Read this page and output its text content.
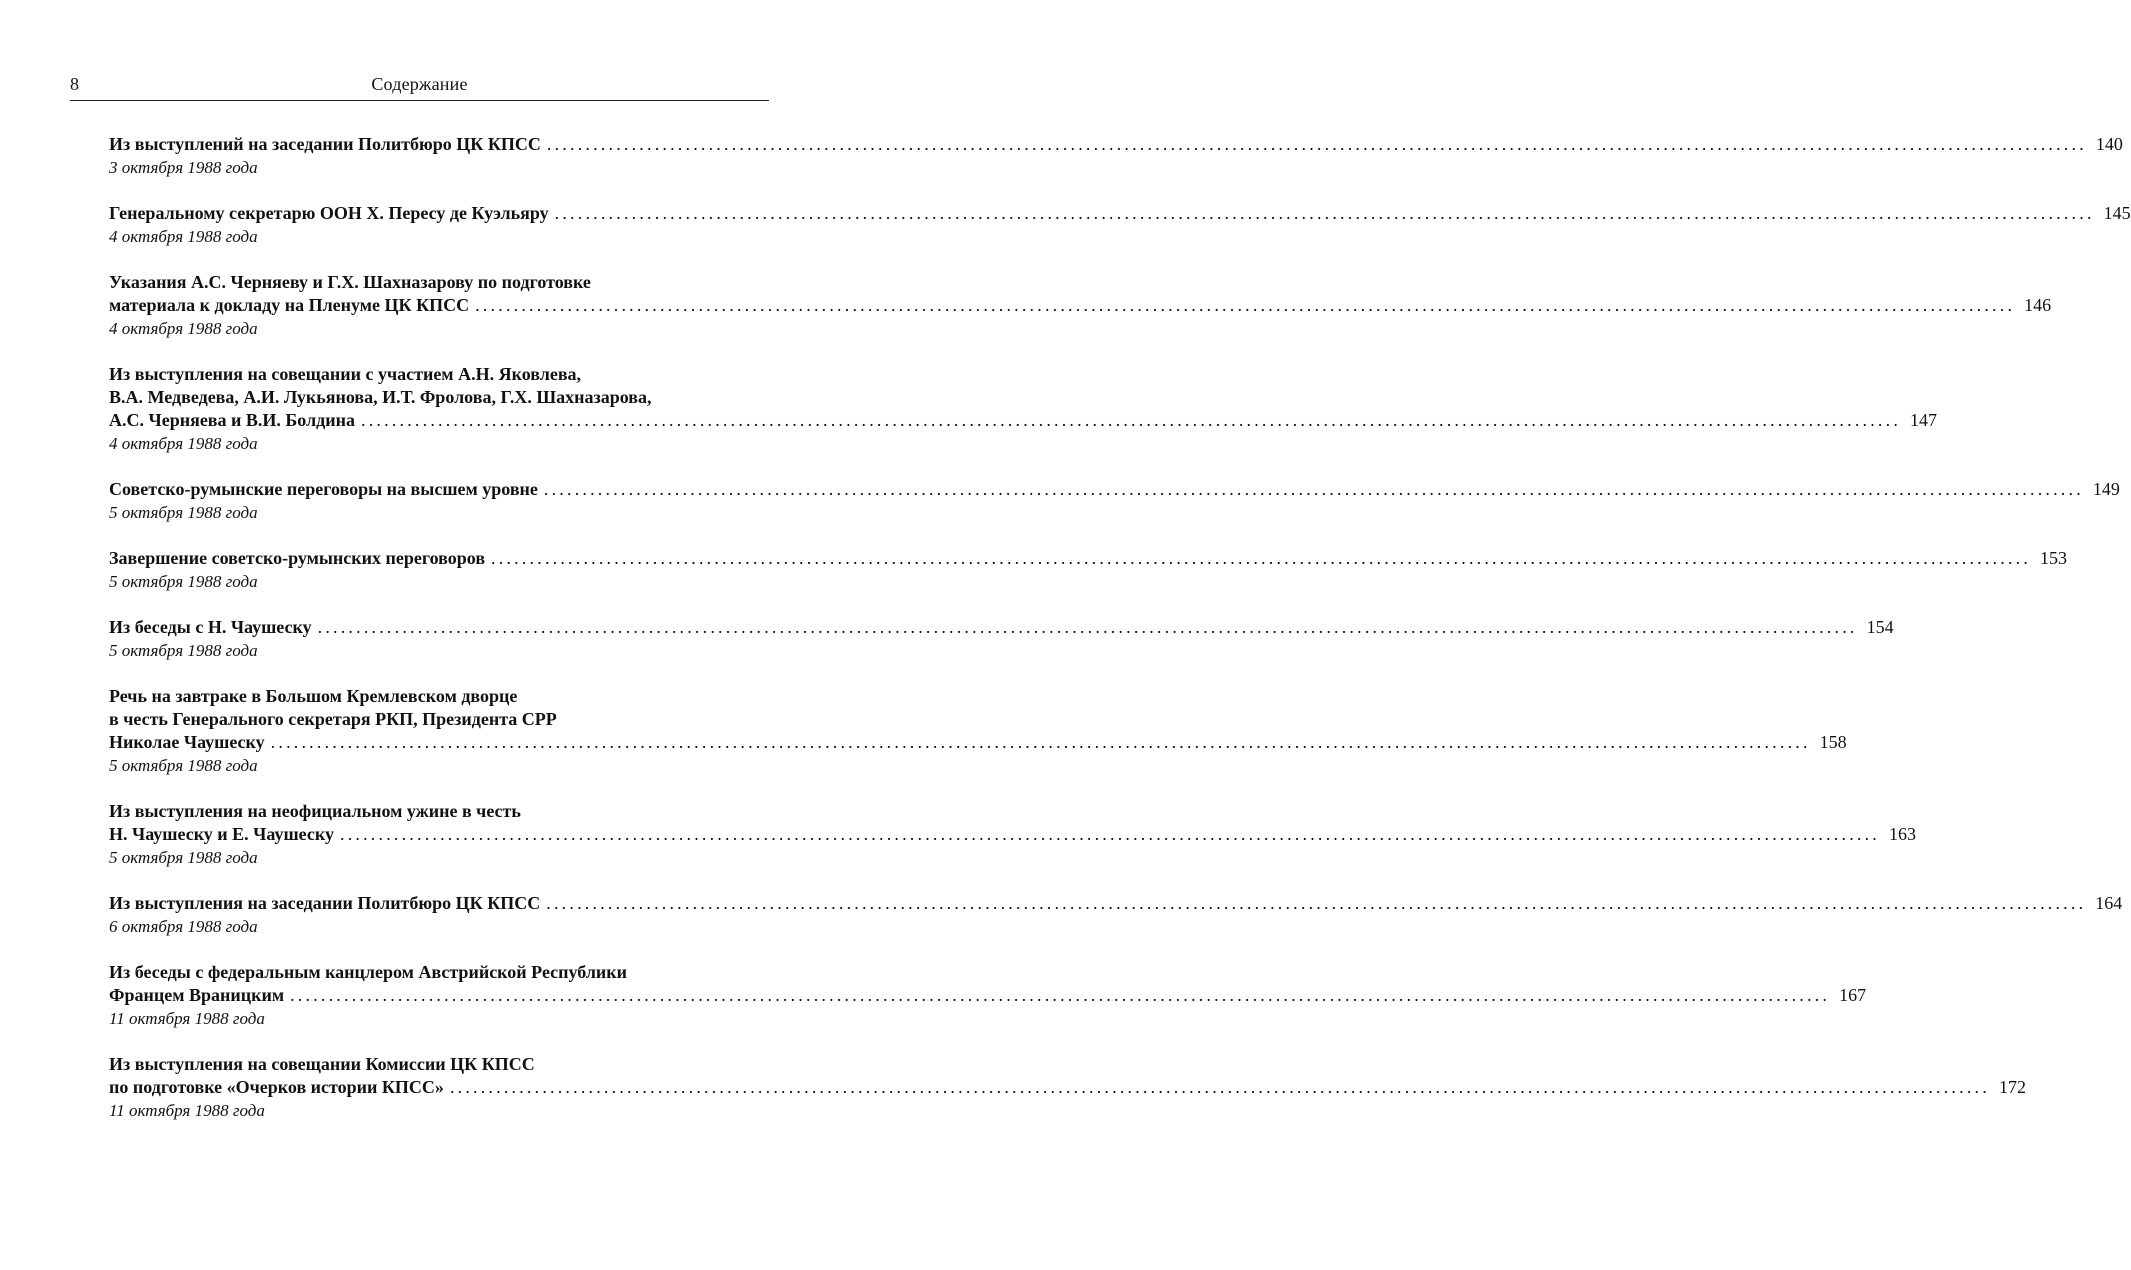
8	Содержание
Из выступлений на заседании Политбюро ЦК КПСС ........................................................................................................................................................................................................ 140
3 октября 1988 года
Генеральному секретарю ООН Х. Пересу де Куэльяру ........................................................................................................................................................................................................ 145
4 октября 1988 года
Указания А.С. Черняеву и Г.Х. Шахназарову по подготовке
материала к докладу на Пленуме ЦК КПСС ........................................................................................................................................................................................................ 146
4 октября 1988 года
Из выступления на совещании с участием А.Н. Яковлева,
В.А. Медведева, А.И. Лукьянова, И.Т. Фролова, Г.Х. Шахназарова,
А.С. Черняева и В.И. Болдина ........................................................................................................................................................................................................ 147
4 октября 1988 года
Советско-румынские переговоры на высшем уровне ........................................................................................................................................................................................................ 149
5 октября 1988 года
Завершение советско-румынских переговоров ........................................................................................................................................................................................................ 153
5 октября 1988 года
Из беседы с Н. Чаушеску ........................................................................................................................................................................................................ 154
5 октября 1988 года
Речь на завтраке в Большом Кремлевском дворце
в честь Генерального секретаря РКП, Президента СРР
Николае Чаушеску ........................................................................................................................................................................................................ 158
5 октября 1988 года
Из выступления на неофициальном ужине в честь
Н. Чаушеску и Е. Чаушеску ........................................................................................................................................................................................................ 163
5 октября 1988 года
Из выступления на заседании Политбюро ЦК КПСС ........................................................................................................................................................................................................ 164
6 октября 1988 года
Из беседы с федеральным канцлером Австрийской Республики
Францем Враницким ........................................................................................................................................................................................................ 167
11 октября 1988 года
Из выступления на совещании Комиссии ЦК КПСС
по подготовке «Очерков истории КПСС» ........................................................................................................................................................................................................ 172
11 октября 1988 года
